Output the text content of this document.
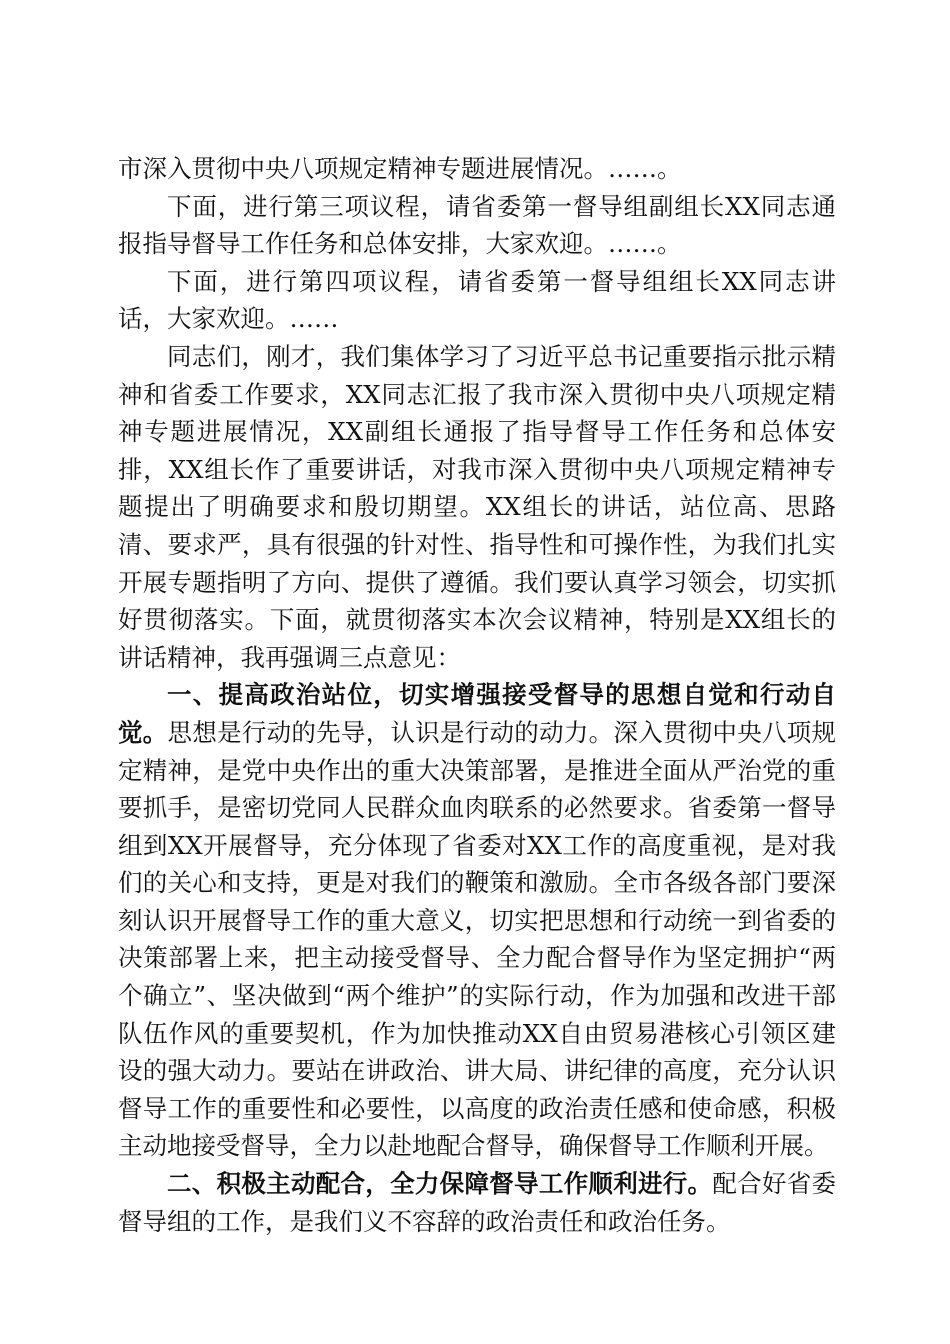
市深入贯彻中央八项规定精神专题进展情况。……。

下面，进行第三项议程，请省委第一督导组副组长XX同志通报指导督导工作任务和总体安排，大家欢迎。……。

下面，进行第四项议程，请省委第一督导组组长XX同志讲话，大家欢迎。……

同志们，刚才，我们集体学习了习近平总书记重要指示批示精神和省委工作要求，XX同志汇报了我市深入贯彻中央八项规定精神专题进展情况，XX副组长通报了指导督导工作任务和总体安排，XX组长作了重要讲话，对我市深入贯彻中央八项规定精神专题提出了明确要求和殷切期望。XX组长的讲话，站位高、思路清、要求严，具有很强的针对性、指导性和可操作性，为我们扎实开展专题指明了方向、提供了遵循。我们要认真学习领会，切实抓好贯彻落实。下面，就贯彻落实本次会议精神，特别是XX组长的讲话精神，我再强调三点意见：

一、提高政治站位，切实增强接受督导的思想自觉和行动自觉。思想是行动的先导，认识是行动的动力。深入贯彻中央八项规定精神，是党中央作出的重大决策部署，是推进全面从严治党的重要抓手，是密切党同人民群众血肉联系的必然要求。省委第一督导组到XX开展督导，充分体现了省委对XX工作的高度重视，是对我们的关心和支持，更是对我们的鞭策和激励。全市各级各部门要深刻认识开展督导工作的重大意义，切实把思想和行动统一到省委的决策部署上来，把主动接受督导、全力配合督导作为坚定拥护“两个确立”、坚决做到“两个维护”的实际行动，作为加强和改进干部队伍作风的重要契机，作为加快推动XX自由贸易港核心引领区建设的强大动力。要站在讲政治、讲大局、讲纪律的高度，充分认识督导工作的重要性和必要性，以高度的政治责任感和使命感，积极主动地接受督导，全力以赴地配合督导，确保督导工作顺利开展。

二、积极主动配合，全力保障督导工作顺利进行。配合好省委督导组的工作，是我们义不容辞的政治责任和政治任务。
